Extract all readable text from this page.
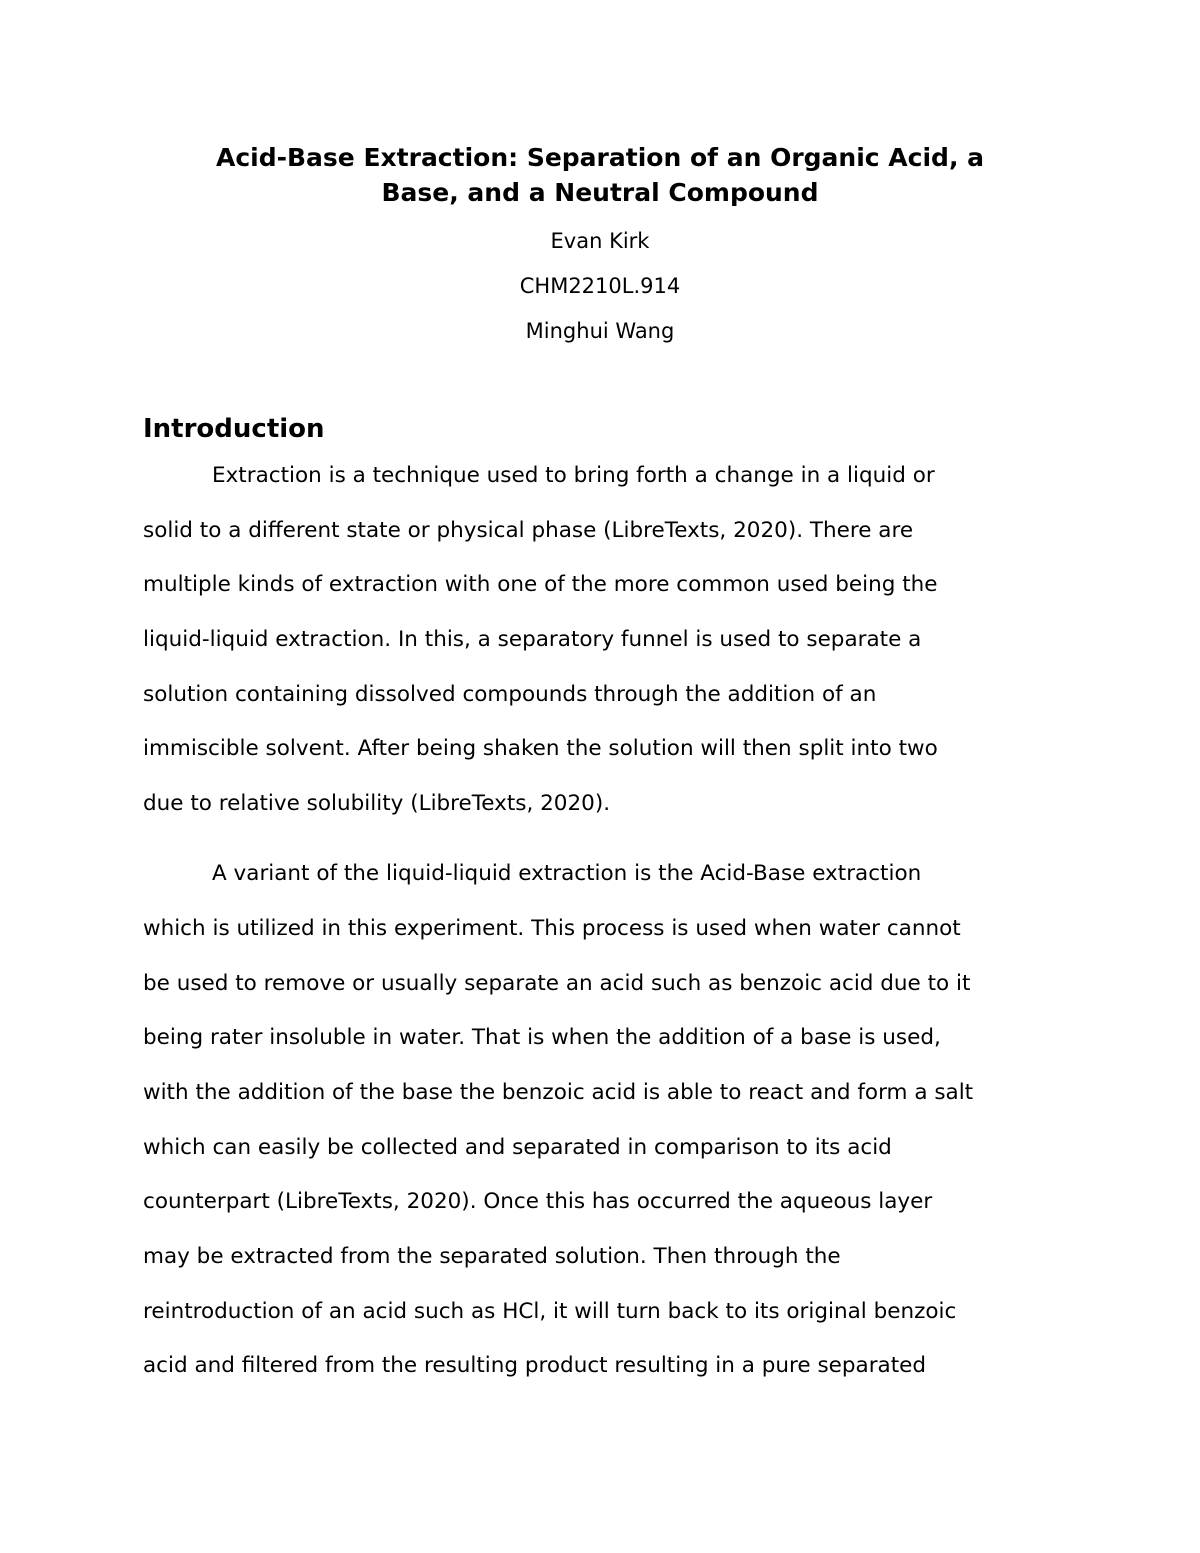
Acid-Base Extraction: Separation of an Organic Acid, a
Base, and a Neutral Compound
Evan Kirk
CHM2210L.914
Minghui Wang
Introduction
Extraction is a technique used to bring forth a change in a liquid or
solid to a different state or physical phase (LibreTexts, 2020). There are
multiple kinds of extraction with one of the more common used being the
liquid-liquid extraction. In this, a separatory funnel is used to separate a
solution containing dissolved compounds through the addition of an
immiscible solvent. After being shaken the solution will then split into two
due to relative solubility (LibreTexts, 2020).
A variant of the liquid-liquid extraction is the Acid-Base extraction
which is utilized in this experiment. This process is used when water cannot
be used to remove or usually separate an acid such as benzoic acid due to it
being rater insoluble in water. That is when the addition of a base is used,
with the addition of the base the benzoic acid is able to react and form a salt
which can easily be collected and separated in comparison to its acid
counterpart (LibreTexts, 2020). Once this has occurred the aqueous layer
may be extracted from the separated solution. Then through the
reintroduction of an acid such as HCl, it will turn back to its original benzoic
acid and filtered from the resulting product resulting in a pure separated
